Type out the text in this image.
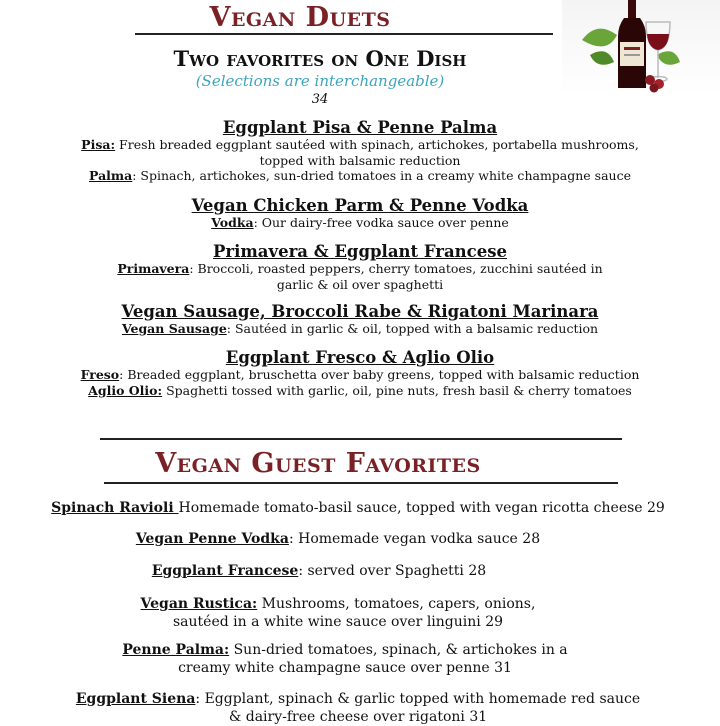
Vegan Duets
Two favorites on One Dish
(Selections are interchangeable)
34
Eggplant Pisa & Penne Palma
Pisa: Fresh breaded eggplant sautéed with spinach, artichokes, portabella mushrooms,
topped with balsamic reduction
Palma: Spinach, artichokes, sun-dried tomatoes in a creamy white champagne sauce
Vegan Chicken Parm & Penne Vodka
Vodka: Our dairy-free vodka sauce over penne
Primavera & Eggplant Francese
Primavera: Broccoli, roasted peppers, cherry tomatoes, zucchini sautéed in
garlic & oil over spaghetti
Vegan Sausage, Broccoli Rabe & Rigatoni Marinara
Vegan Sausage: Sautéed in garlic & oil, topped with a balsamic reduction
Eggplant Fresco & Aglio Olio
Freso: Breaded eggplant, bruschetta over baby greens, topped with balsamic reduction
Aglio Olio: Spaghetti tossed with garlic, oil, pine nuts, fresh basil & cherry tomatoes
Vegan Guest Favorites
Spinach Ravioli Homemade tomato-basil sauce, topped with vegan ricotta cheese 29
Vegan Penne Vodka: Homemade vegan vodka sauce 28
Eggplant Francese: served over Spaghetti 28
Vegan Rustica: Mushrooms, tomatoes, capers, onions,
sautéed in a white wine sauce over linguini 29
Penne Palma: Sun-dried tomatoes, spinach, & artichokes in a
creamy white champagne sauce over penne 31
Eggplant Siena: Eggplant, spinach & garlic topped with homemade red sauce
& dairy-free cheese over rigatoni 31
